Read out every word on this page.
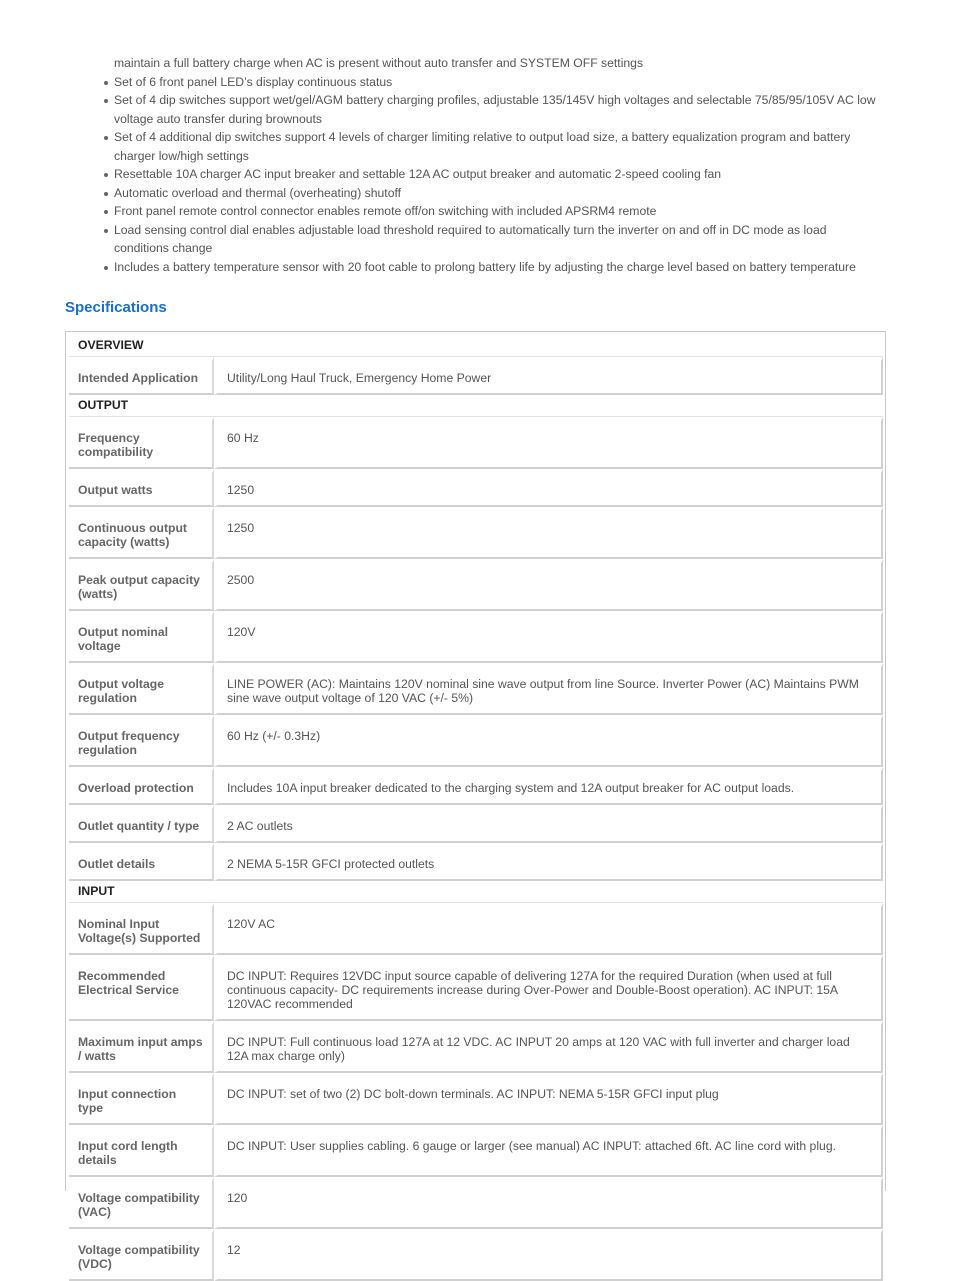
maintain a full battery charge when AC is present without auto transfer and SYSTEM OFF settings
Set of 6 front panel LED’s display continuous status
Set of 4 dip switches support wet/gel/AGM battery charging profiles, adjustable 135/145V high voltages and selectable 75/85/95/105V AC low voltage auto transfer during brownouts
Set of 4 additional dip switches support 4 levels of charger limiting relative to output load size, a battery equalization program and battery charger low/high settings
Resettable 10A charger AC input breaker and settable 12A AC output breaker and automatic 2-speed cooling fan
Automatic overload and thermal (overheating) shutoff
Front panel remote control connector enables remote off/on switching with included APSRM4 remote
Load sensing control dial enables adjustable load threshold required to automatically turn the inverter on and off in DC mode as load conditions change
Includes a battery temperature sensor with 20 foot cable to prolong battery life by adjusting the charge level based on battery temperature
Specifications
OVERVIEW	
Intended Application	Utility/Long Haul Truck, Emergency Home Power
OUTPUT	
Frequency compatibility	60 Hz
Output watts	1250
Continuous output capacity (watts)	1250
Peak output capacity (watts)	2500
Output nominal voltage	120V
Output voltage regulation	LINE POWER (AC): Maintains 120V nominal sine wave output from line Source. Inverter Power (AC) Maintains PWM sine wave output voltage of 120 VAC (+/- 5%)
Output frequency regulation	60 Hz (+/- 0.3Hz)
Overload protection	Includes 10A input breaker dedicated to the charging system and 12A output breaker for AC output loads.
Outlet quantity / type	2 AC outlets
Outlet details	2 NEMA 5-15R GFCI protected outlets
INPUT	
Nominal Input Voltage(s) Supported	120V AC
Recommended Electrical Service	DC INPUT: Requires 12VDC input source capable of delivering 127A for the required Duration (when used at full continuous capacity- DC requirements increase during Over-Power and Double-Boost operation). AC INPUT: 15A 120VAC recommended
Maximum input amps / watts	DC INPUT: Full continuous load 127A at 12 VDC. AC INPUT 20 amps at 120 VAC with full inverter and charger load 12A max charge only)
Input connection type	DC INPUT: set of two (2) DC bolt-down terminals. AC INPUT: NEMA 5-15R GFCI input plug
Input cord length details	DC INPUT: User supplies cabling. 6 gauge or larger (see manual) AC INPUT: attached 6ft. AC line cord with plug.
Voltage compatibility (VAC)	120
Voltage compatibility (VDC)	12
